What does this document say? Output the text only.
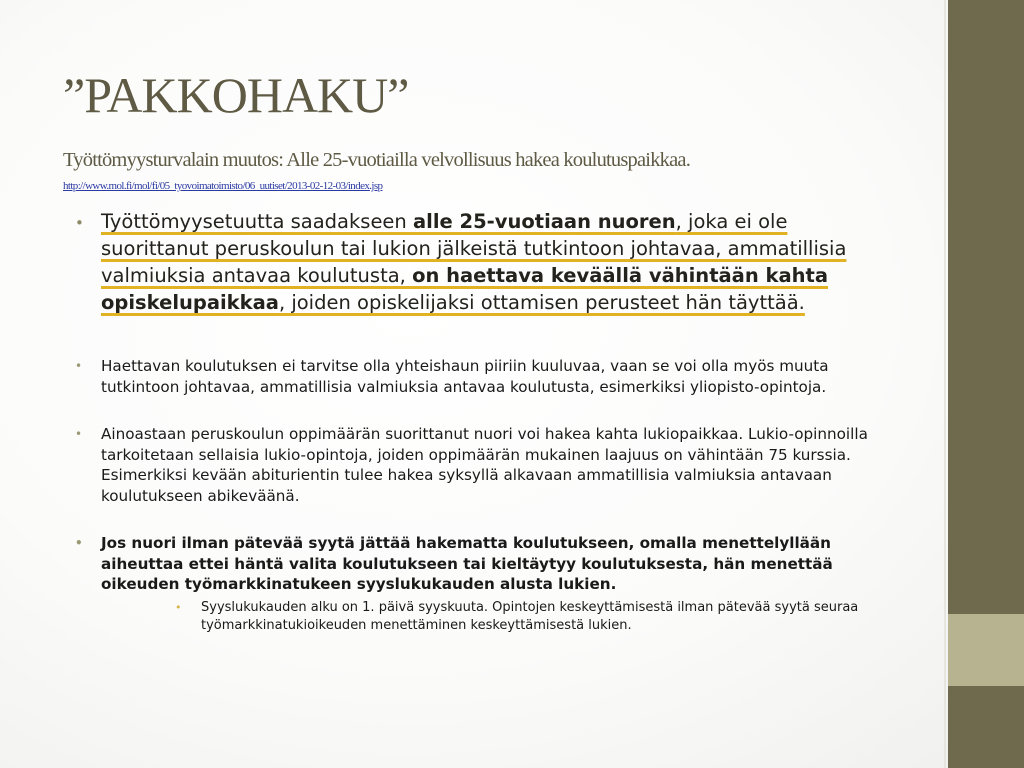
”PAKKOHAKU”
Työttömyysturvalain muutos: Alle 25-vuotiailla velvollisuus hakea koulutuspaikkaa.
http://www.mol.fi/mol/fi/05_tyovoimatoimisto/06_uutiset/2013-02-12-03/index.jsp
• Työttömyysetuutta saadakseen alle 25-vuotiaan nuoren, joka ei ole suorittanut peruskoulun tai lukion jälkeistä tutkintoon johtavaa, ammatillisia valmiuksia antavaa koulutusta, on haettava keväällä vähintään kahta opiskelupaikkaa, joiden opiskelijaksi ottamisen perusteet hän täyttää.
• Haettavan koulutuksen ei tarvitse olla yhteishaun piiriin kuuluvaa, vaan se voi olla myös muuta tutkintoon johtavaa, ammatillisia valmiuksia antavaa koulutusta, esimerkiksi yliopisto-opintoja.
• Ainoastaan peruskoulun oppimäärän suorittanut nuori voi hakea kahta lukiopaikkaa. Lukio-opinnoilla tarkoitetaan sellaisia lukio-opintoja, joiden oppimäärän mukainen laajuus on vähintään 75 kurssia. Esimerkiksi kevään abiturientin tulee hakea syksyllä alkavaan ammatillisia valmiuksia antavaan koulutukseen abikeväänä.
• Jos nuori ilman pätevää syytä jättää hakematta koulutukseen, omalla menettelyllään aiheuttaa ettei häntä valita koulutukseen tai kieltäytyy koulutuksesta, hän menettää oikeuden työmarkkinatukeen syyslukukauden alusta lukien.
• Syyslukukauden alku on 1. päivä syyskuuta. Opintojen keskeyttämisestä ilman pätevää syytä seuraa työmarkkinatukioikeuden menettäminen keskeyttämisestä lukien.
